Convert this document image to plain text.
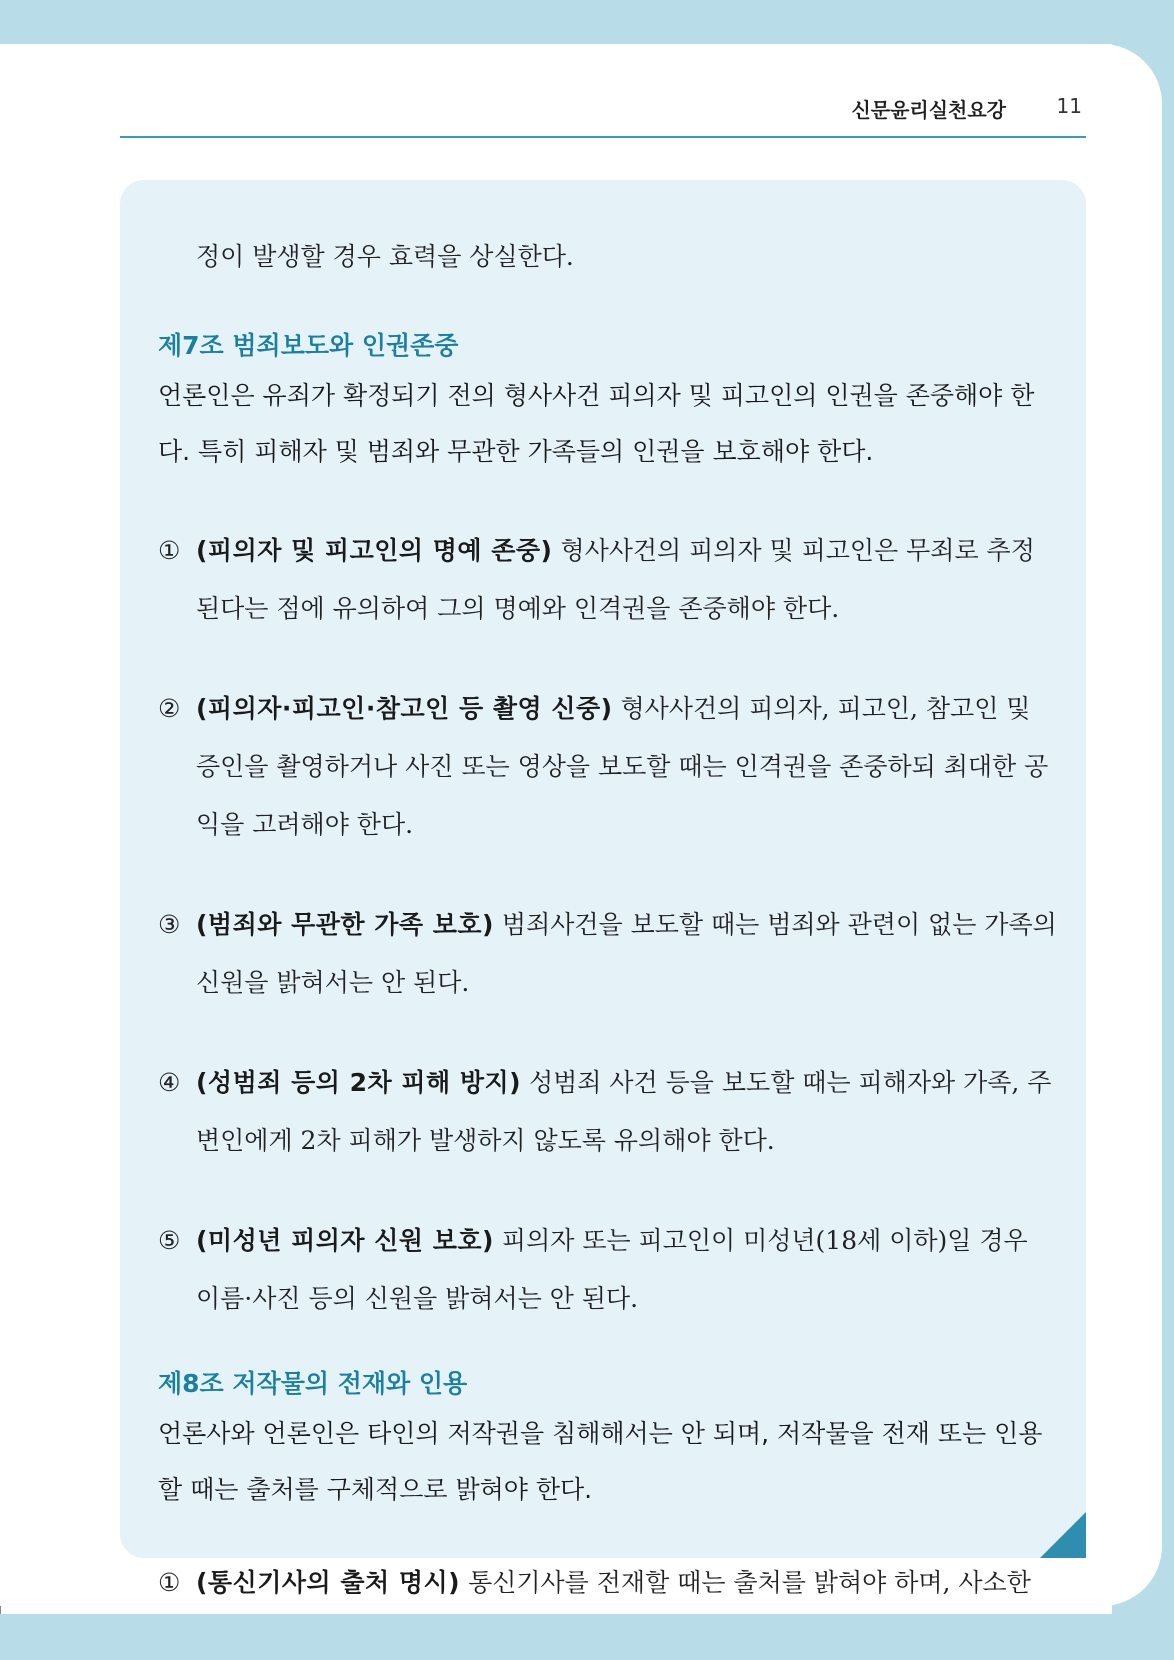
신문윤리실천요강	11

정이 발생할 경우 효력을 상실한다.

제7조 범죄보도와 인권존중

언론인은 유죄가 확정되기 전의 형사사건 피의자 및 피고인의 인권을 존중해야 한다. 특히 피해자 및 범죄와 무관한 가족들의 인권을 보호해야 한다.

① (피의자 및 피고인의 명예 존중) 형사사건의 피의자 및 피고인은 무죄로 추정된다는 점에 유의하여 그의 명예와 인격권을 존중해야 한다.
② (피의자·피고인·참고인 등 촬영 신중) 형사사건의 피의자, 피고인, 참고인 및 증인을 촬영하거나 사진 또는 영상을 보도할 때는 인격권을 존중하되 최대한 공익을 고려해야 한다.
③ (범죄와 무관한 가족 보호) 범죄사건을 보도할 때는 범죄와 관련이 없는 가족의 신원을 밝혀서는 안 된다.
④ (성범죄 등의 2차 피해 방지) 성범죄 사건 등을 보도할 때는 피해자와 가족, 주변인에게 2차 피해가 발생하지 않도록 유의해야 한다.
⑤ (미성년 피의자 신원 보호) 피의자 또는 피고인이 미성년(18세 이하)일 경우 이름·사진 등의 신원을 밝혀서는 안 된다.
제8조 저작물의 전재와 인용

언론사와 언론인은 타인의 저작권을 침해해서는 안 되며, 저작물을 전재 또는 인용할 때는 출처를 구체적으로 밝혀야 한다.

① (통신기사의 출처 명시) 통신기사를 전재할 때는 출처를 밝혀야 하며, 사소한
